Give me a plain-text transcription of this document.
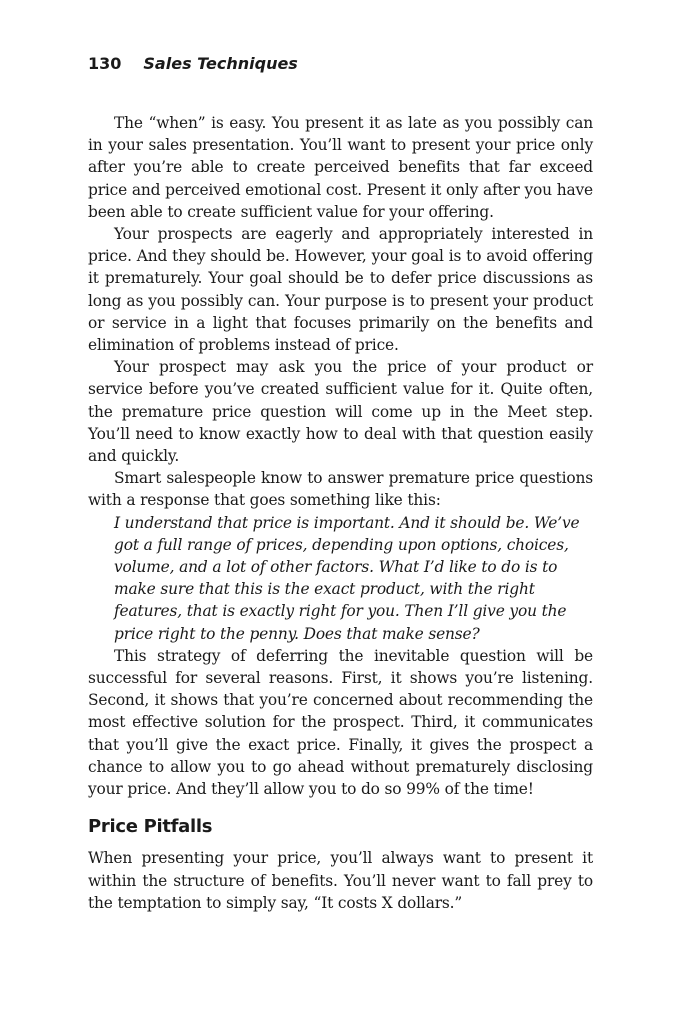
130 Sales Techniques

The “when” is easy. You present it as late as you possibly can in your sales presentation. You’ll want to present your price only after you’re able to create perceived benefits that far exceed price and perceived emotional cost. Present it only after you have been able to create sufficient value for your offering.

Your prospects are eagerly and appropriately interested in price. And they should be. However, your goal is to avoid offering it prematurely. Your goal should be to defer price discussions as long as you possibly can. Your purpose is to present your product or service in a light that focuses primarily on the benefits and elimination of problems instead of price.

Your prospect may ask you the price of your product or service before you’ve created sufficient value for it. Quite often, the premature price question will come up in the Meet step. You’ll need to know exactly how to deal with that question easily and quickly.

Smart salespeople know to answer premature price questions with a response that goes something like this:

I understand that price is important. And it should be. We’ve got a full range of prices, depending upon options, choices, volume, and a lot of other factors. What I’d like to do is to make sure that this is the exact product, with the right features, that is exactly right for you. Then I’ll give you the price right to the penny. Does that make sense?

This strategy of deferring the inevitable question will be successful for several reasons. First, it shows you’re listening. Second, it shows that you’re concerned about recommending the most effective solution for the prospect. Third, it communicates that you’ll give the exact price. Finally, it gives the prospect a chance to allow you to go ahead without prematurely disclosing your price. And they’ll allow you to do so 99% of the time!

Price Pitfalls

When presenting your price, you’ll always want to present it within the structure of benefits. You’ll never want to fall prey to the temptation to simply say, “It costs X dollars.”
